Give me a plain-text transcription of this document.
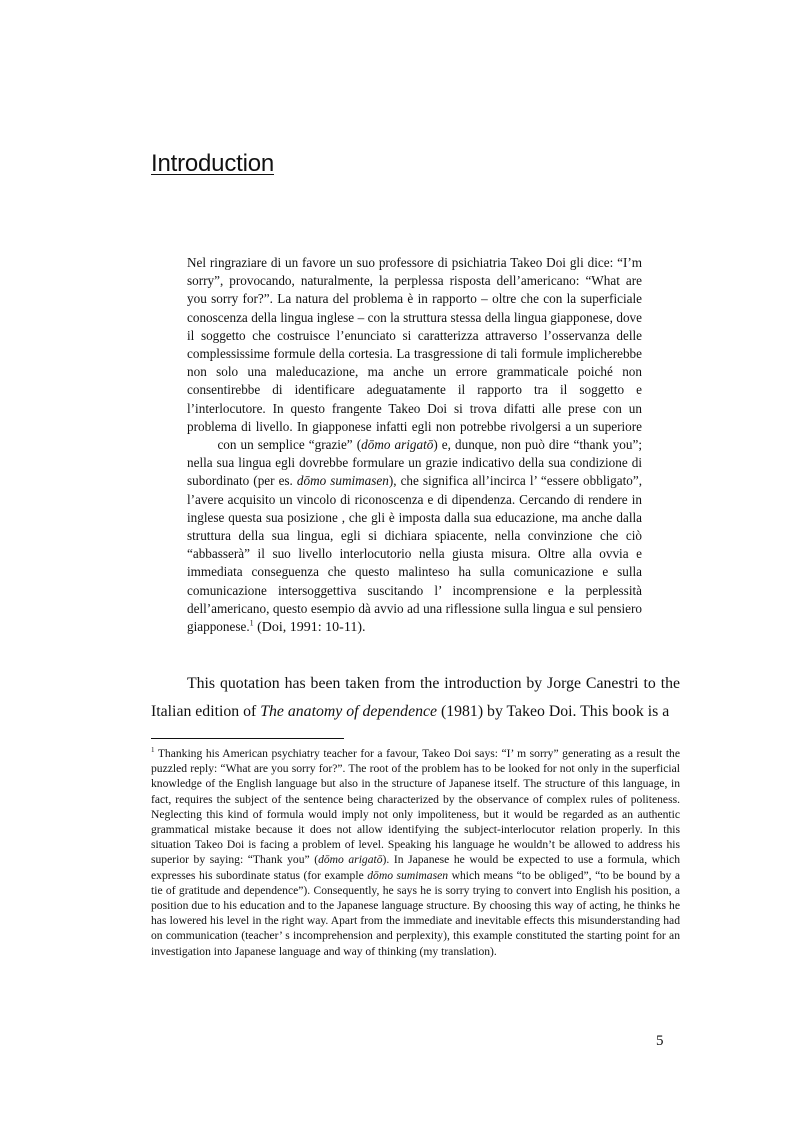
Introduction

Nel ringraziare di un favore un suo professore di psichiatria Takeo Doi gli dice: “I’m sorry”, provocando, naturalmente, la perplessa risposta dell’americano: “What are you sorry for?”. La natura del problema è in rapporto – oltre che con la superficiale conoscenza della lingua inglese – con la struttura stessa della lingua giapponese, dove il soggetto che costruisce l’enunciato si caratterizza attraverso l’osservanza delle complessissime formule della cortesia. La trasgressione di tali formule implicherebbe non solo una maleducazione, ma anche un errore grammaticale poiché non consentirebbe di identificare adeguatamente il rapporto tra il soggetto e l’interlocutore. In questo frangente Takeo Doi si trova difatti alle prese con un problema di livello. In giapponese infatti egli non potrebbe rivolgersi a un superiore    con un semplice “grazie” (dōmo arigatō) e, dunque, non può dire “thank you”; nella sua lingua egli dovrebbe formulare un grazie indicativo della sua condizione di subordinato (per es. dōmo sumimasen), che significa all’incirca l’ “essere obbligato”, l’avere acquisito un vincolo di riconoscenza e di dipendenza. Cercando di rendere in inglese questa sua posizione , che gli è imposta dalla sua educazione, ma anche dalla struttura della sua lingua, egli si dichiara spiacente, nella convinzione che ciò “abbasserà” il suo livello interlocutorio nella giusta misura. Oltre alla ovvia e immediata conseguenza che questo malinteso ha sulla comunicazione e sulla comunicazione intersoggettiva suscitando l’ incomprensione e la perplessità dell’americano, questo esempio dà avvio ad una riflessione sulla lingua e sul pensiero giapponese.$^1$ (Doi, 1991: 10-11).

This quotation has been taken from the introduction by Jorge Canestri to the Italian edition of The anatomy of dependence (1981) by Takeo Doi. This book is a

$^1$ Thanking his American psychiatry teacher for a favour, Takeo Doi says: “I’ m sorry” generating as a result the puzzled reply: “What are you sorry for?”. The root of the problem has to be looked for not only in the superficial knowledge of the English language but also in the structure of Japanese itself. The structure of this language, in fact, requires the subject of the sentence being characterized by the observance of complex rules of politeness. Neglecting this kind of formula would imply not only impoliteness, but it would be regarded as an authentic grammatical mistake because it does not allow identifying the subject-interlocutor relation properly. In this situation Takeo Doi is facing a problem of level. Speaking his language he wouldn’t be allowed to address his superior by saying: “Thank you” (dōmo arigatō). In Japanese he would be expected to use a formula, which expresses his subordinate status (for example dōmo sumimasen which means “to be obliged”, “to be bound by a tie of gratitude and dependence”). Consequently, he says he is sorry trying to convert into English his position, a position due to his education and to the Japanese language structure. By choosing this way of acting, he thinks he has lowered his level in the right way. Apart from the immediate and inevitable effects this misunderstanding had on communication (teacher’ s incomprehension and perplexity), this example constituted the starting point for an investigation into Japanese language and way of thinking (my translation).

5
